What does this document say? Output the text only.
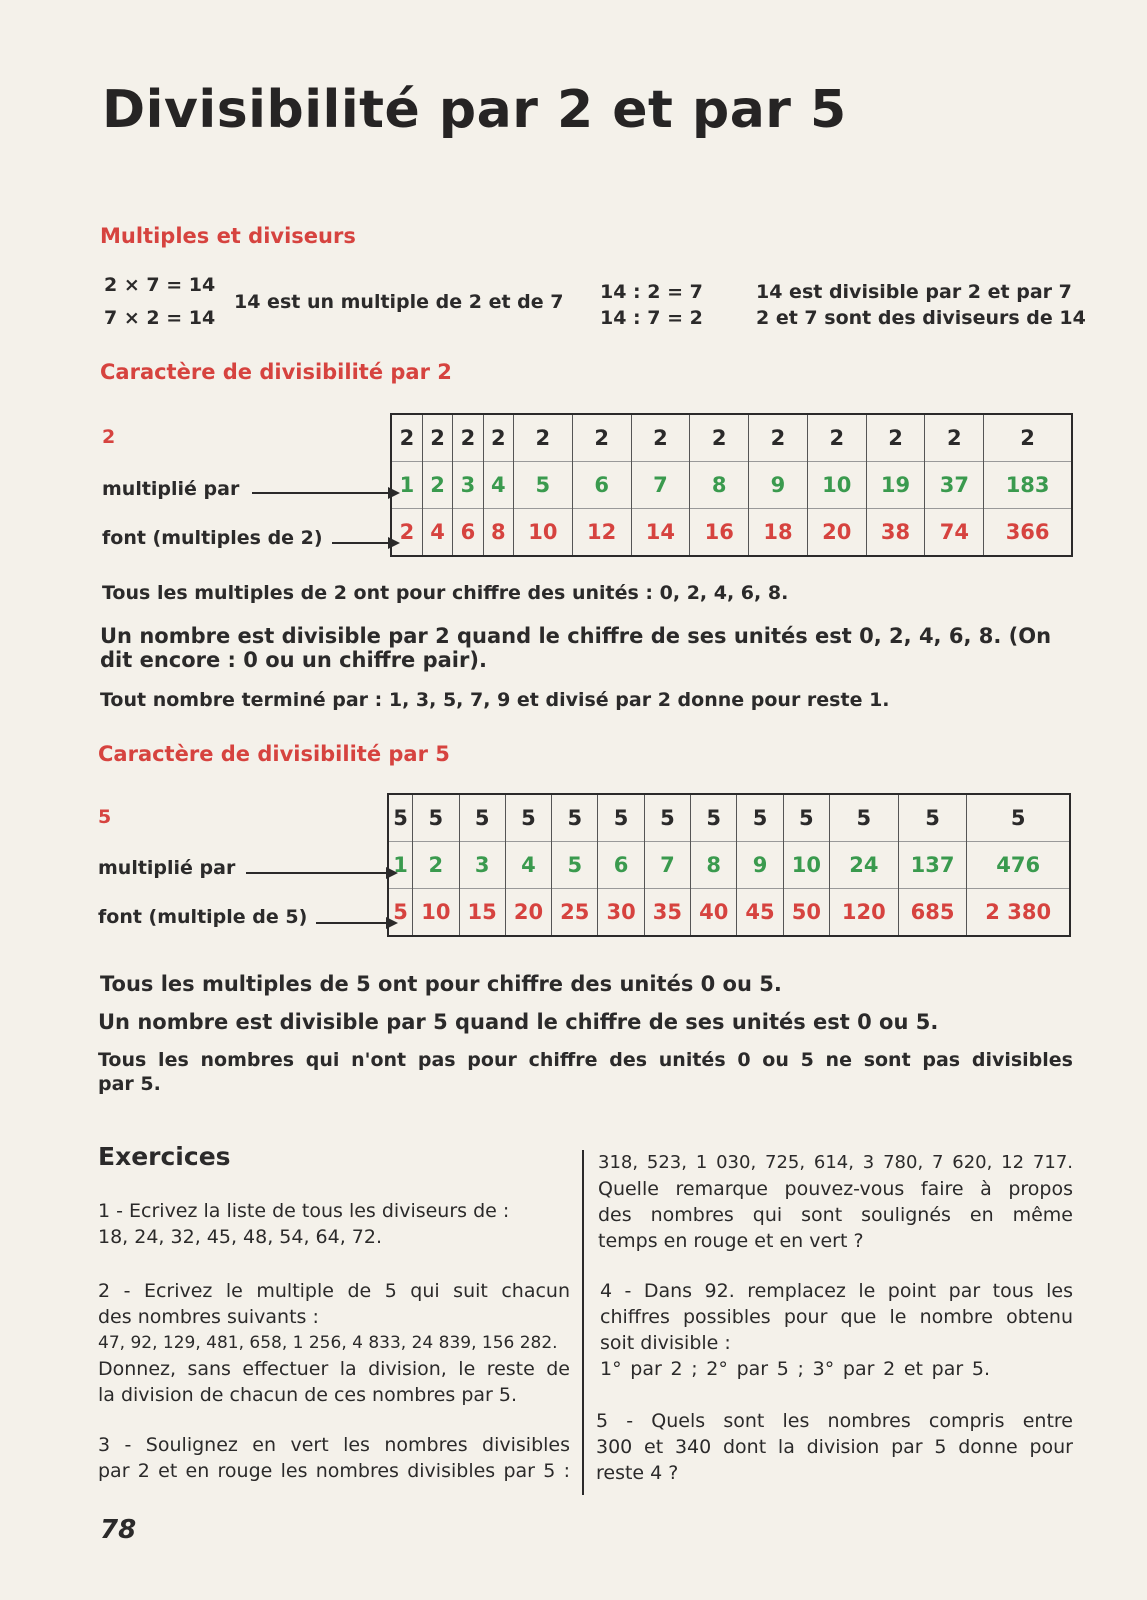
Divisibilité par 2 et par 5
Multiples et diviseurs
2 × 7 = 14
7 × 2 = 14
14 est un multiple de 2 et de 7 14 : 2 = 7
14 : 7 = 2
14 est divisible par 2 et par 7
2 et 7 sont des diviseurs de 14
Caractère de divisibilité par 2
2
multiplié par
font (multiples de 2)
2	2	2	2	2	2	2	2	2	2	2	2	2
1	2	3	4	5	6	7	8	9	10	19	37	183
2	4	6	8	10	12	14	16	18	20	38	74	366
Tous les multiples de 2 ont pour chiffre des unités : 0, 2, 4, 6, 8.
Un nombre est divisible par 2 quand le chiffre de ses unités est 0, 2, 4, 6, 8. (On
dit encore : 0 ou un chiffre pair).
Tout nombre terminé par : 1, 3, 5, 7, 9 et divisé par 2 donne pour reste 1.
Caractère de divisibilité par 5
5
multiplié par
font (multiple de 5)
5	5	5	5	5	5	5	5	5	5	5	5	5
1	2	3	4	5	6	7	8	9	10	24	137	476
5	10	15	20	25	30	35	40	45	50	120	685	2 380
Tous les multiples de 5 ont pour chiffre des unités 0 ou 5.
Un nombre est divisible par 5 quand le chiffre de ses unités est 0 ou 5.
Tous les nombres qui n'ont pas pour chiffre des unités 0 ou 5 ne sont pas divisibles
par 5.
Exercices
1 - Ecrivez la liste de tous les diviseurs de :
18, 24, 32, 45, 48, 54, 64, 72.
2 - Ecrivez le multiple de 5 qui suit chacun
des nombres suivants :
47, 92, 129, 481, 658, 1 256, 4 833, 24 839, 156 282.
Donnez, sans effectuer la division, le reste de
la division de chacun de ces nombres par 5.
3 - Soulignez en vert les nombres divisibles
par 2 et en rouge les nombres divisibles par 5 :
318, 523, 1 030, 725, 614, 3 780, 7 620, 12 717.
Quelle remarque pouvez-vous faire à propos
des nombres qui sont soulignés en même
temps en rouge et en vert ?
4 - Dans 92. remplacez le point par tous les
chiffres possibles pour que le nombre obtenu
soit divisible :
1° par 2 ; 2° par 5 ; 3° par 2 et par 5.
5 - Quels sont les nombres compris entre
300 et 340 dont la division par 5 donne pour
reste 4 ?
78
